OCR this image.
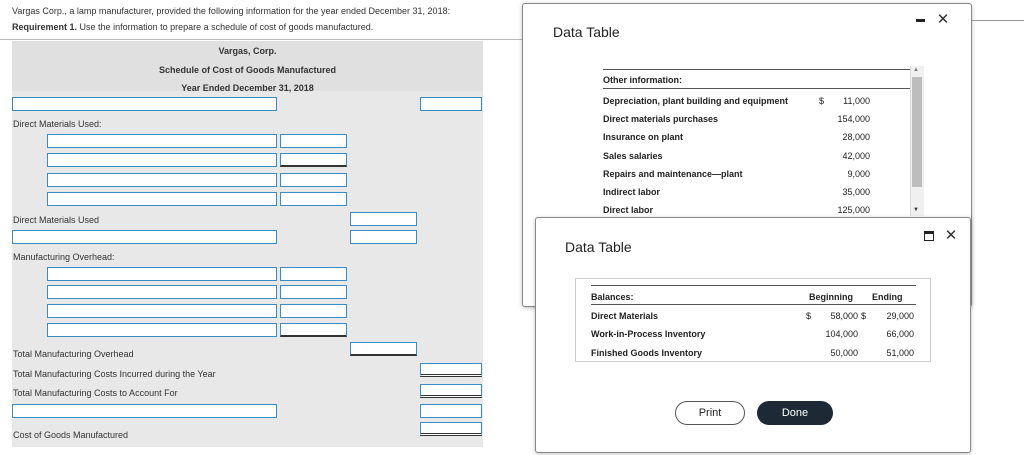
Vargas Corp., a lamp manufacturer, provided the following information for the year ended December 31, 2018:
Requirement 1. Use the information to prepare a schedule of cost of goods manufactured.
Vargas, Corp.
Schedule of Cost of Goods Manufactured
Year Ended December 31, 2018
Direct Materials Used:
Direct Materials Used
Manufacturing Overhead:
Total Manufacturing Overhead
Total Manufacturing Costs Incurred during the Year
Total Manufacturing Costs to Account For
Cost of Goods Manufactured
Data Table
✕
Other information:
Depreciation, plant building and equipment	$	11,000
Direct materials purchases	154,000
Insurance on plant	28,000
Sales salaries	42,000
Repairs and maintenance—plant	9,000
Indirect labor	35,000
Direct labor	125,000
▲
▼
Data Table
✕
Balances:	Beginning Ending
Direct Materials	$	58,000 $	29,000
Work-in-Process Inventory	104,000	66,000
Finished Goods Inventory	50,000	51,000
Print	Done
